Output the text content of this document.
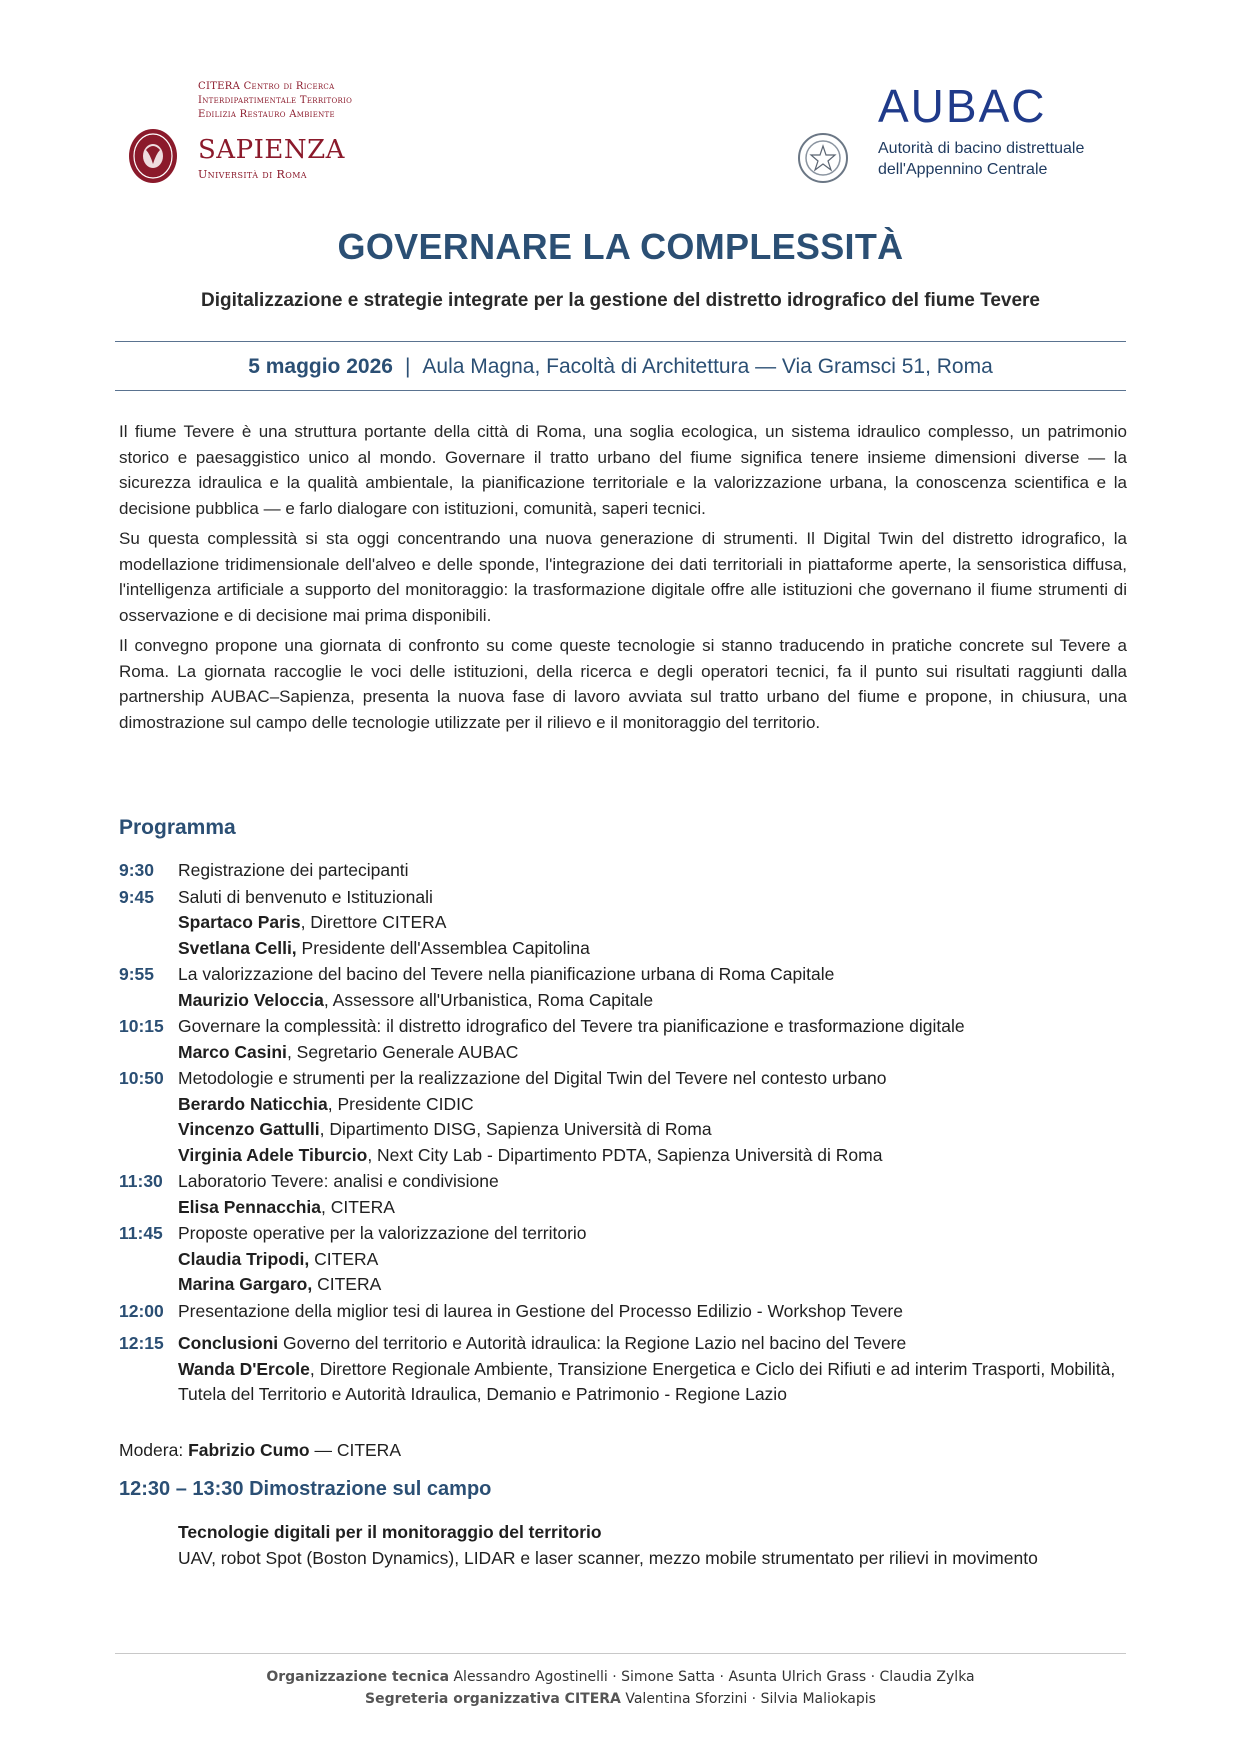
CITERA Centro di Ricerca
Interdipartimentale Territorio
Edilizia Restauro Ambiente
SAPIENZA
Università di Roma
AUBAC
Autorità di bacino distrettuale
dell'Appennino Centrale
GOVERNARE LA COMPLESSITÀ
Digitalizzazione e strategie integrate per la gestione del distretto idrografico del fiume Tevere
5 maggio 2026 | Aula Magna, Facoltà di Architettura — Via Gramsci 51, Roma

Il fiume Tevere è una struttura portante della città di Roma, una soglia ecologica, un sistema idraulico complesso, un patrimonio storico e paesaggistico unico al mondo. Governare il tratto urbano del fiume significa tenere insieme dimensioni diverse — la sicurezza idraulica e la qualità ambientale, la pianificazione territoriale e la valorizzazione urbana, la conoscenza scientifica e la decisione pubblica — e farlo dialogare con istituzioni, comunità, saperi tecnici.

Su questa complessità si sta oggi concentrando una nuova generazione di strumenti. Il Digital Twin del distretto idrografico, la modellazione tridimensionale dell'alveo e delle sponde, l'integrazione dei dati territoriali in piattaforme aperte, la sensoristica diffusa, l'intelligenza artificiale a supporto del monitoraggio: la trasformazione digitale offre alle istituzioni che governano il fiume strumenti di osservazione e di decisione mai prima disponibili.

Il convegno propone una giornata di confronto su come queste tecnologie si stanno traducendo in pratiche concrete sul Tevere a Roma. La giornata raccoglie le voci delle istituzioni, della ricerca e degli operatori tecnici, fa il punto sui risultati raggiunti dalla partnership AUBAC–Sapienza, presenta la nuova fase di lavoro avviata sul tratto urbano del fiume e propone, in chiusura, una dimostrazione sul campo delle tecnologie utilizzate per il rilievo e il monitoraggio del territorio.

Programma
9:30 Registrazione dei partecipanti
9:45 Saluti di benvenuto e Istituzionali
Spartaco Paris, Direttore CITERA
Svetlana Celli, Presidente dell'Assemblea Capitolina
9:55 La valorizzazione del bacino del Tevere nella pianificazione urbana di Roma Capitale
Maurizio Veloccia, Assessore all'Urbanistica, Roma Capitale
10:15 Governare la complessità: il distretto idrografico del Tevere tra pianificazione e trasformazione digitale
Marco Casini, Segretario Generale AUBAC
10:50 Metodologie e strumenti per la realizzazione del Digital Twin del Tevere nel contesto urbano
Berardo Naticchia, Presidente CIDIC
Vincenzo Gattulli, Dipartimento DISG, Sapienza Università di Roma
Virginia Adele Tiburcio, Next City Lab - Dipartimento PDTA, Sapienza Università di Roma
11:30 Laboratorio Tevere: analisi e condivisione
Elisa Pennacchia, CITERA
11:45 Proposte operative per la valorizzazione del territorio
Claudia Tripodi, CITERA
Marina Gargaro, CITERA
12:00 Presentazione della miglior tesi di laurea in Gestione del Processo Edilizio - Workshop Tevere
12:15 Conclusioni Governo del territorio e Autorità idraulica: la Regione Lazio nel bacino del Tevere
Wanda D'Ercole, Direttore Regionale Ambiente, Transizione Energetica e Ciclo dei Rifiuti e ad interim Trasporti, Mobilità, Tutela del Territorio e Autorità Idraulica, Demanio e Patrimonio - Regione Lazio
Modera: Fabrizio Cumo — CITERA
12:30 – 13:30 Dimostrazione sul campo
Tecnologie digitali per il monitoraggio del territorio
UAV, robot Spot (Boston Dynamics), LIDAR e laser scanner, mezzo mobile strumentato per rilievi in movimento
Organizzazione tecnica Alessandro Agostinelli · Simone Satta · Asunta Ulrich Grass · Claudia Zylka
Segreteria organizzativa CITERA Valentina Sforzini · Silvia Maliokapis
